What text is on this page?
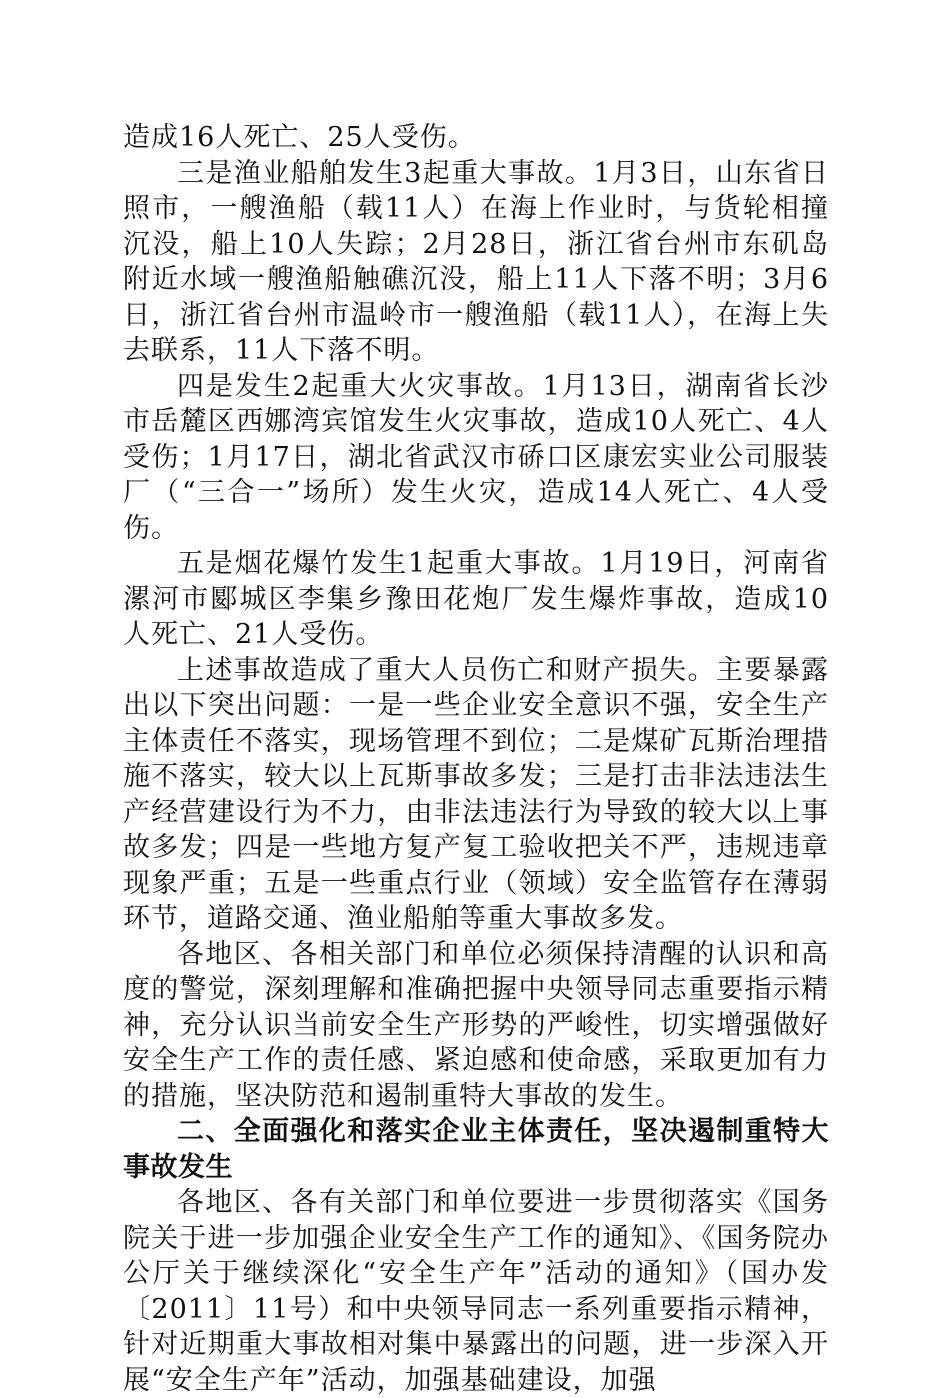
造成16人死亡、25人受伤。

三是渔业船舶发生3起重大事故。1月3日，山东省日照市，一艘渔船（载11人）在海上作业时，与货轮相撞沉没，船上10人失踪；2月28日，浙江省台州市东矶岛附近水域一艘渔船触礁沉没，船上11人下落不明；3月6日，浙江省台州市温岭市一艘渔船（载11人），在海上失去联系，11人下落不明。

四是发生2起重大火灾事故。1月13日，湖南省长沙市岳麓区西娜湾宾馆发生火灾事故，造成10人死亡、4人受伤；1月17日，湖北省武汉市硚口区康宏实业公司服装厂（“三合一”场所）发生火灾，造成14人死亡、4人受伤。

五是烟花爆竹发生1起重大事故。1月19日，河南省漯河市郾城区李集乡豫田花炮厂发生爆炸事故，造成10人死亡、21人受伤。

上述事故造成了重大人员伤亡和财产损失。主要暴露出以下突出问题：一是一些企业安全意识不强，安全生产主体责任不落实，现场管理不到位；二是煤矿瓦斯治理措施不落实，较大以上瓦斯事故多发；三是打击非法违法生产经营建设行为不力，由非法违法行为导致的较大以上事故多发；四是一些地方复产复工验收把关不严，违规违章现象严重；五是一些重点行业（领域）安全监管存在薄弱环节，道路交通、渔业船舶等重大事故多发。

各地区、各相关部门和单位必须保持清醒的认识和高度的警觉，深刻理解和准确把握中央领导同志重要指示精神，充分认识当前安全生产形势的严峻性，切实增强做好安全生产工作的责任感、紧迫感和使命感，采取更加有力的措施，坚决防范和遏制重特大事故的发生。

二、全面强化和落实企业主体责任，坚决遏制重特大事故发生

各地区、各有关部门和单位要进一步贯彻落实《国务院关于进一步加强企业安全生产工作的通知》、《国务院办公厅关于继续深化“安全生产年”活动的通知》（国办发〔2011〕11号）和中央领导同志一系列重要指示精神，针对近期重大事故相对集中暴露出的问题，进一步深入开展“安全生产年”活动，加强基础建设，加强
